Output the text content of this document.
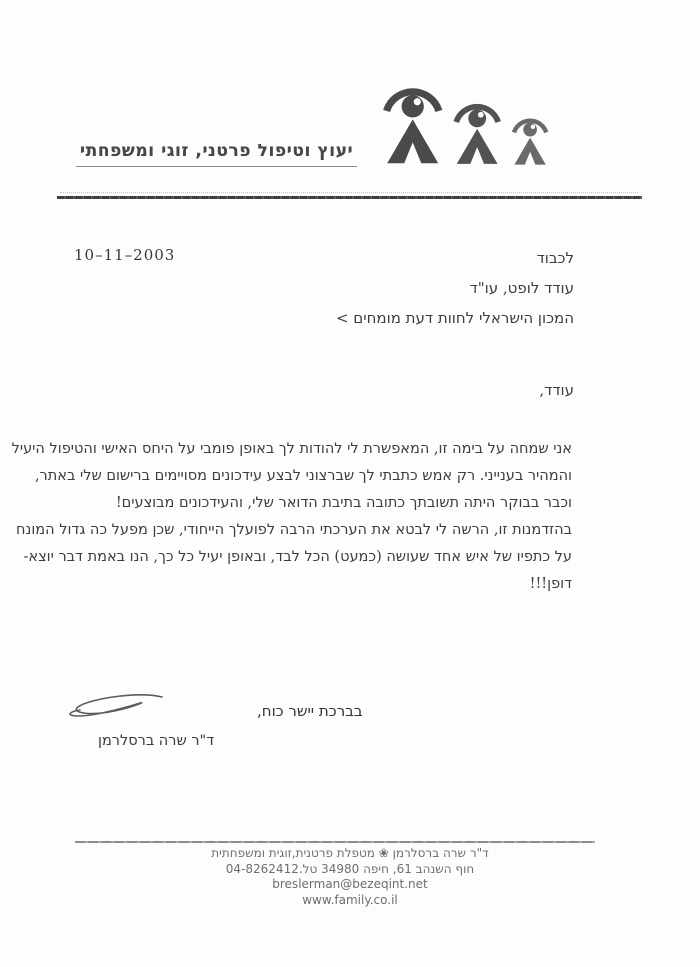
יעוץ וטיפול פרטני, זוגי ומשפחתי
10–11–2003	לכבוד
עודד לופט, עו"ד
המכון הישראלי לחוות דעת מומחים >
עודד,
אני שמחה על בימה זו, המאפשרת לי להודות לך באופן פומבי על היחס האישי והטיפול היעיל
והמהיר בענייני. רק אמש כתבתי לך שברצוני לבצע עידכונים מסויימים ברישום שלי באתר,
וכבר בבוקר היתה תשובתך כתובה בתיבת הדואר שלי, והעידכונים מבוצעים!
בהזדמנות זו, הרשה לי לבטא את הערכתי הרבה לפועלך הייחודי, שכן מפעל כה גדול המונח
על כתפיו של איש אחד שעושה (כמעט) הכל לבד, ובאופן יעיל כל כך, הנו באמת דבר יוצא-
דופן!!!
בברכת יישר כוח,
ד"ר שרה ברסלרמן
ד"ר שרה ברסלרמן ❀ מטפלת פרטנית,זוגית ומשפחתית
חוף השנהב 61, חיפה 34980 טל.04-8262412
breslerman@bezeqint.net
www.family.co.il
